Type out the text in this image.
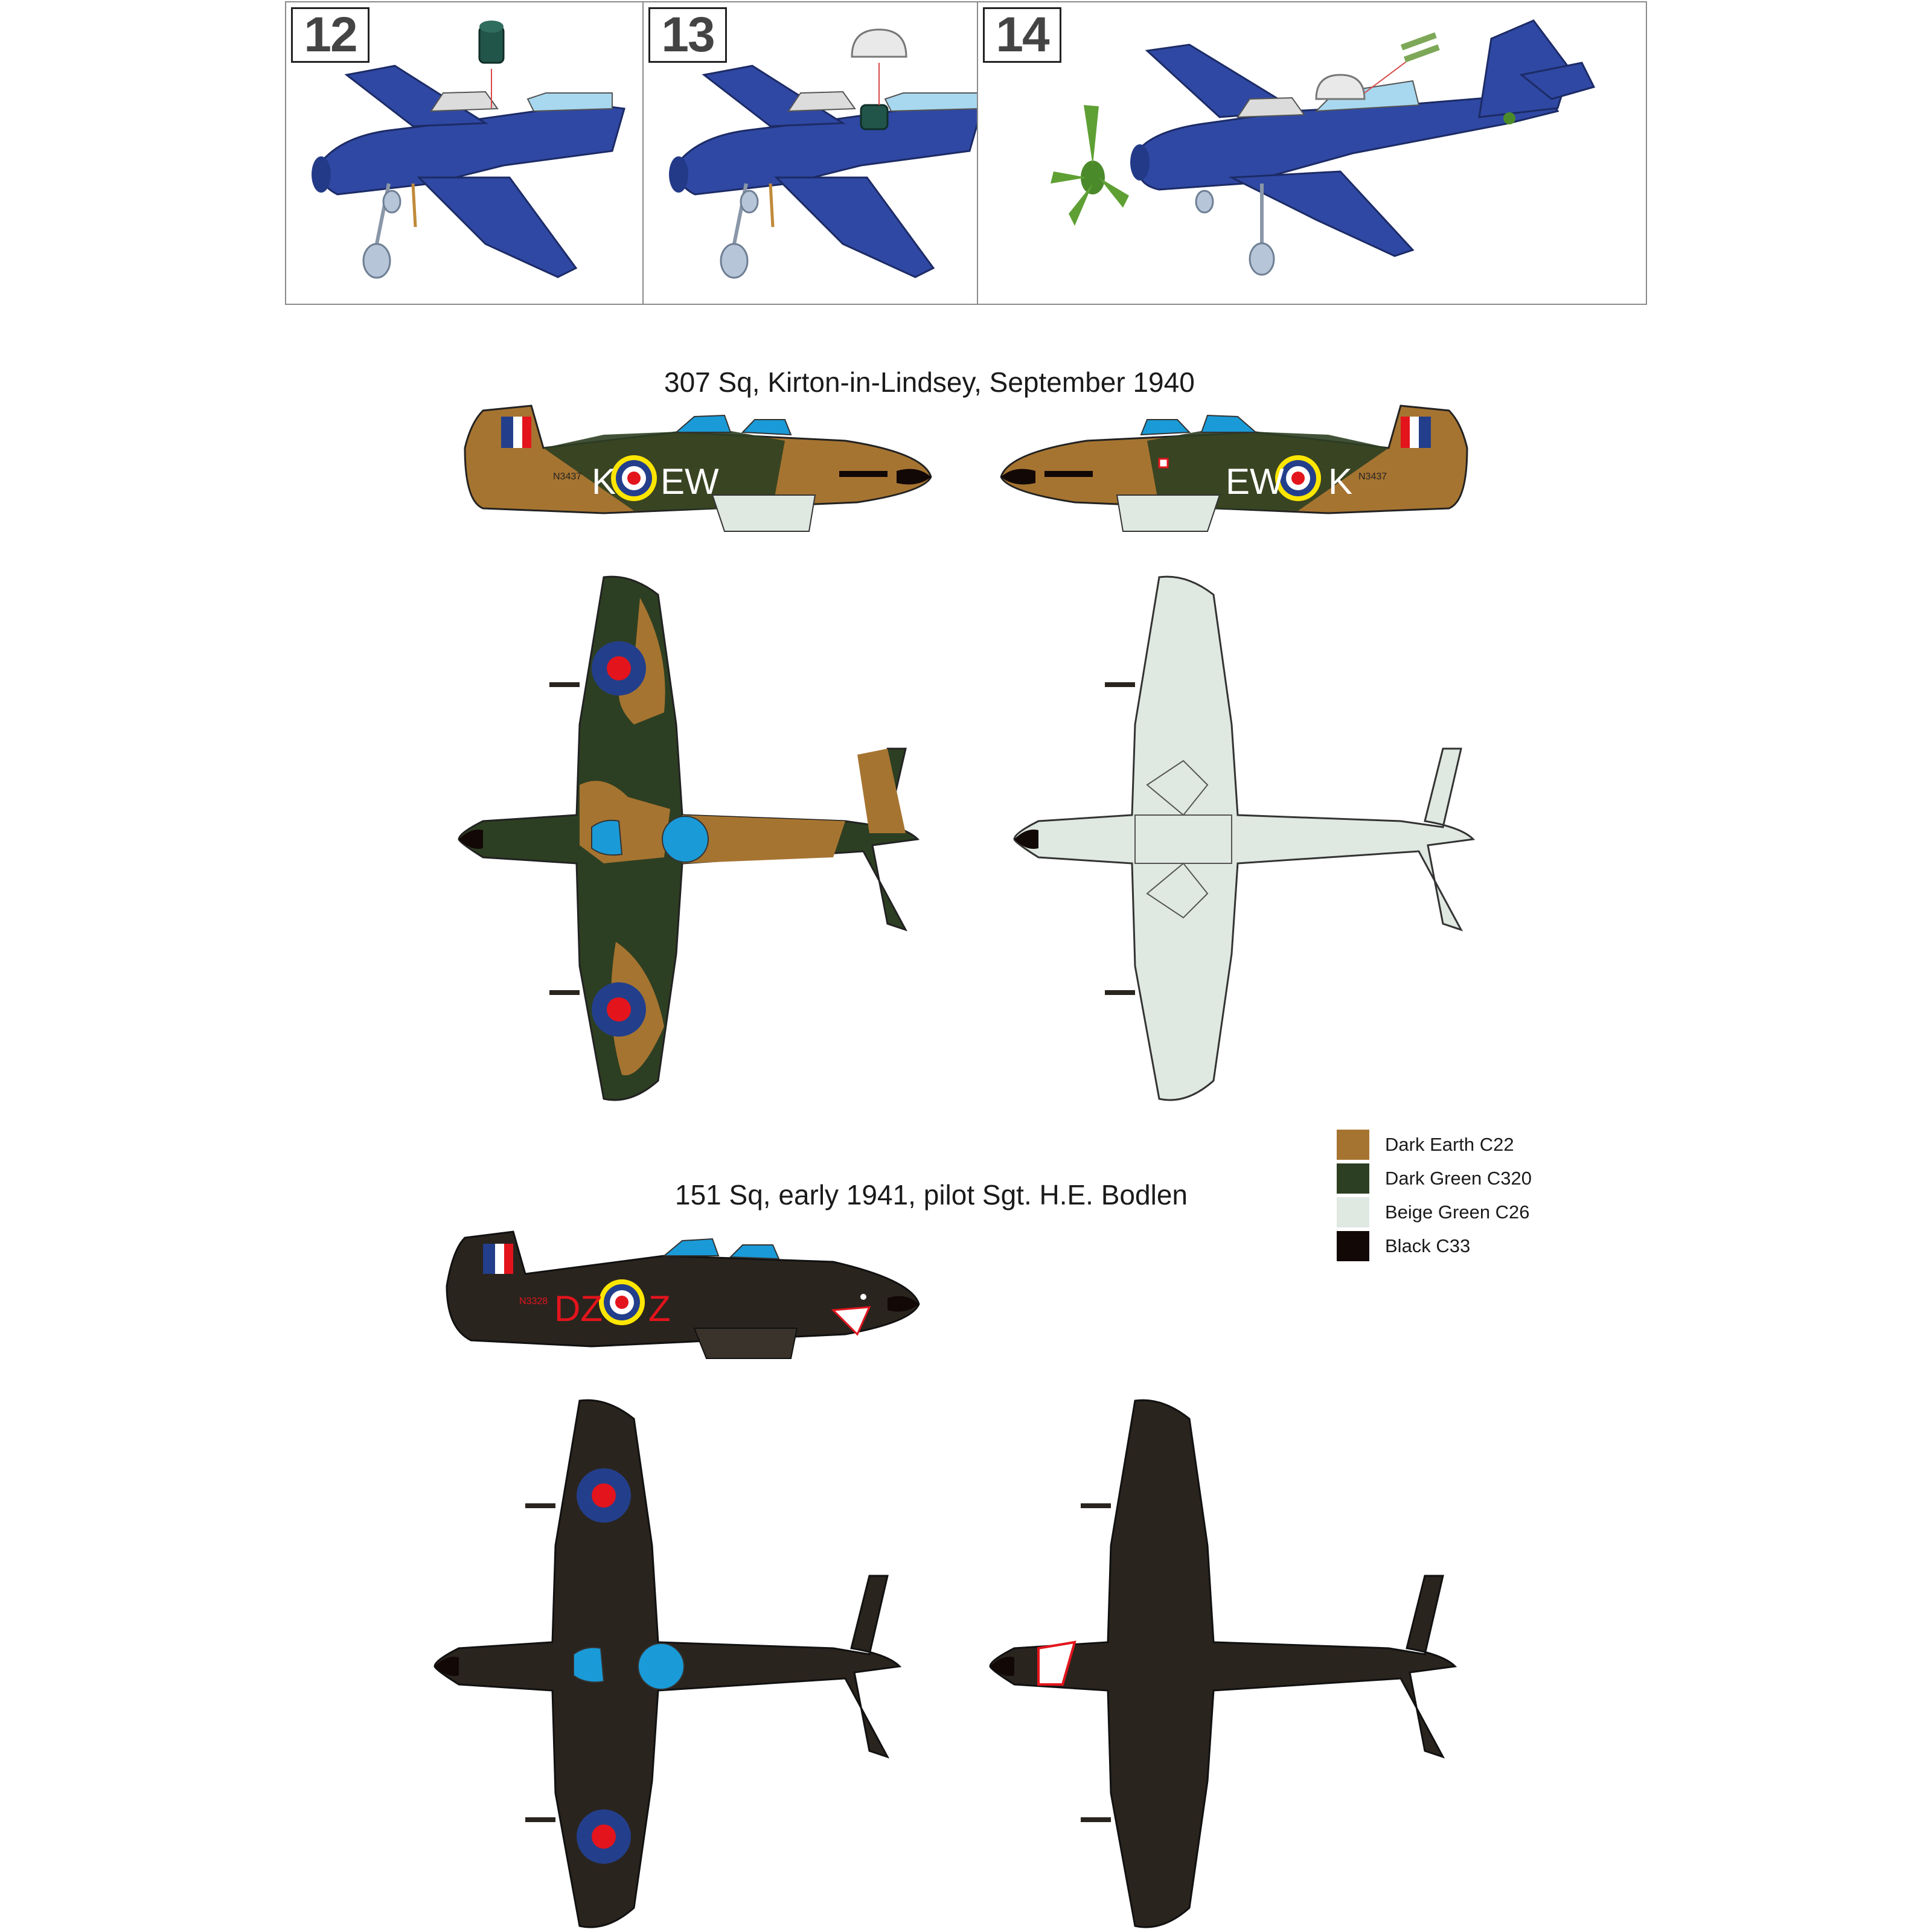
12	13	14
307 Sq, Kirton-in-Lindsey, September 1940
N3437 K EW	EW K N3437
151 Sq, early 1941, pilot Sgt. H.E. Bodlen
N3328 DZ Z
Dark Earth C22
Dark Green C320
Beige Green C26
Black C33
